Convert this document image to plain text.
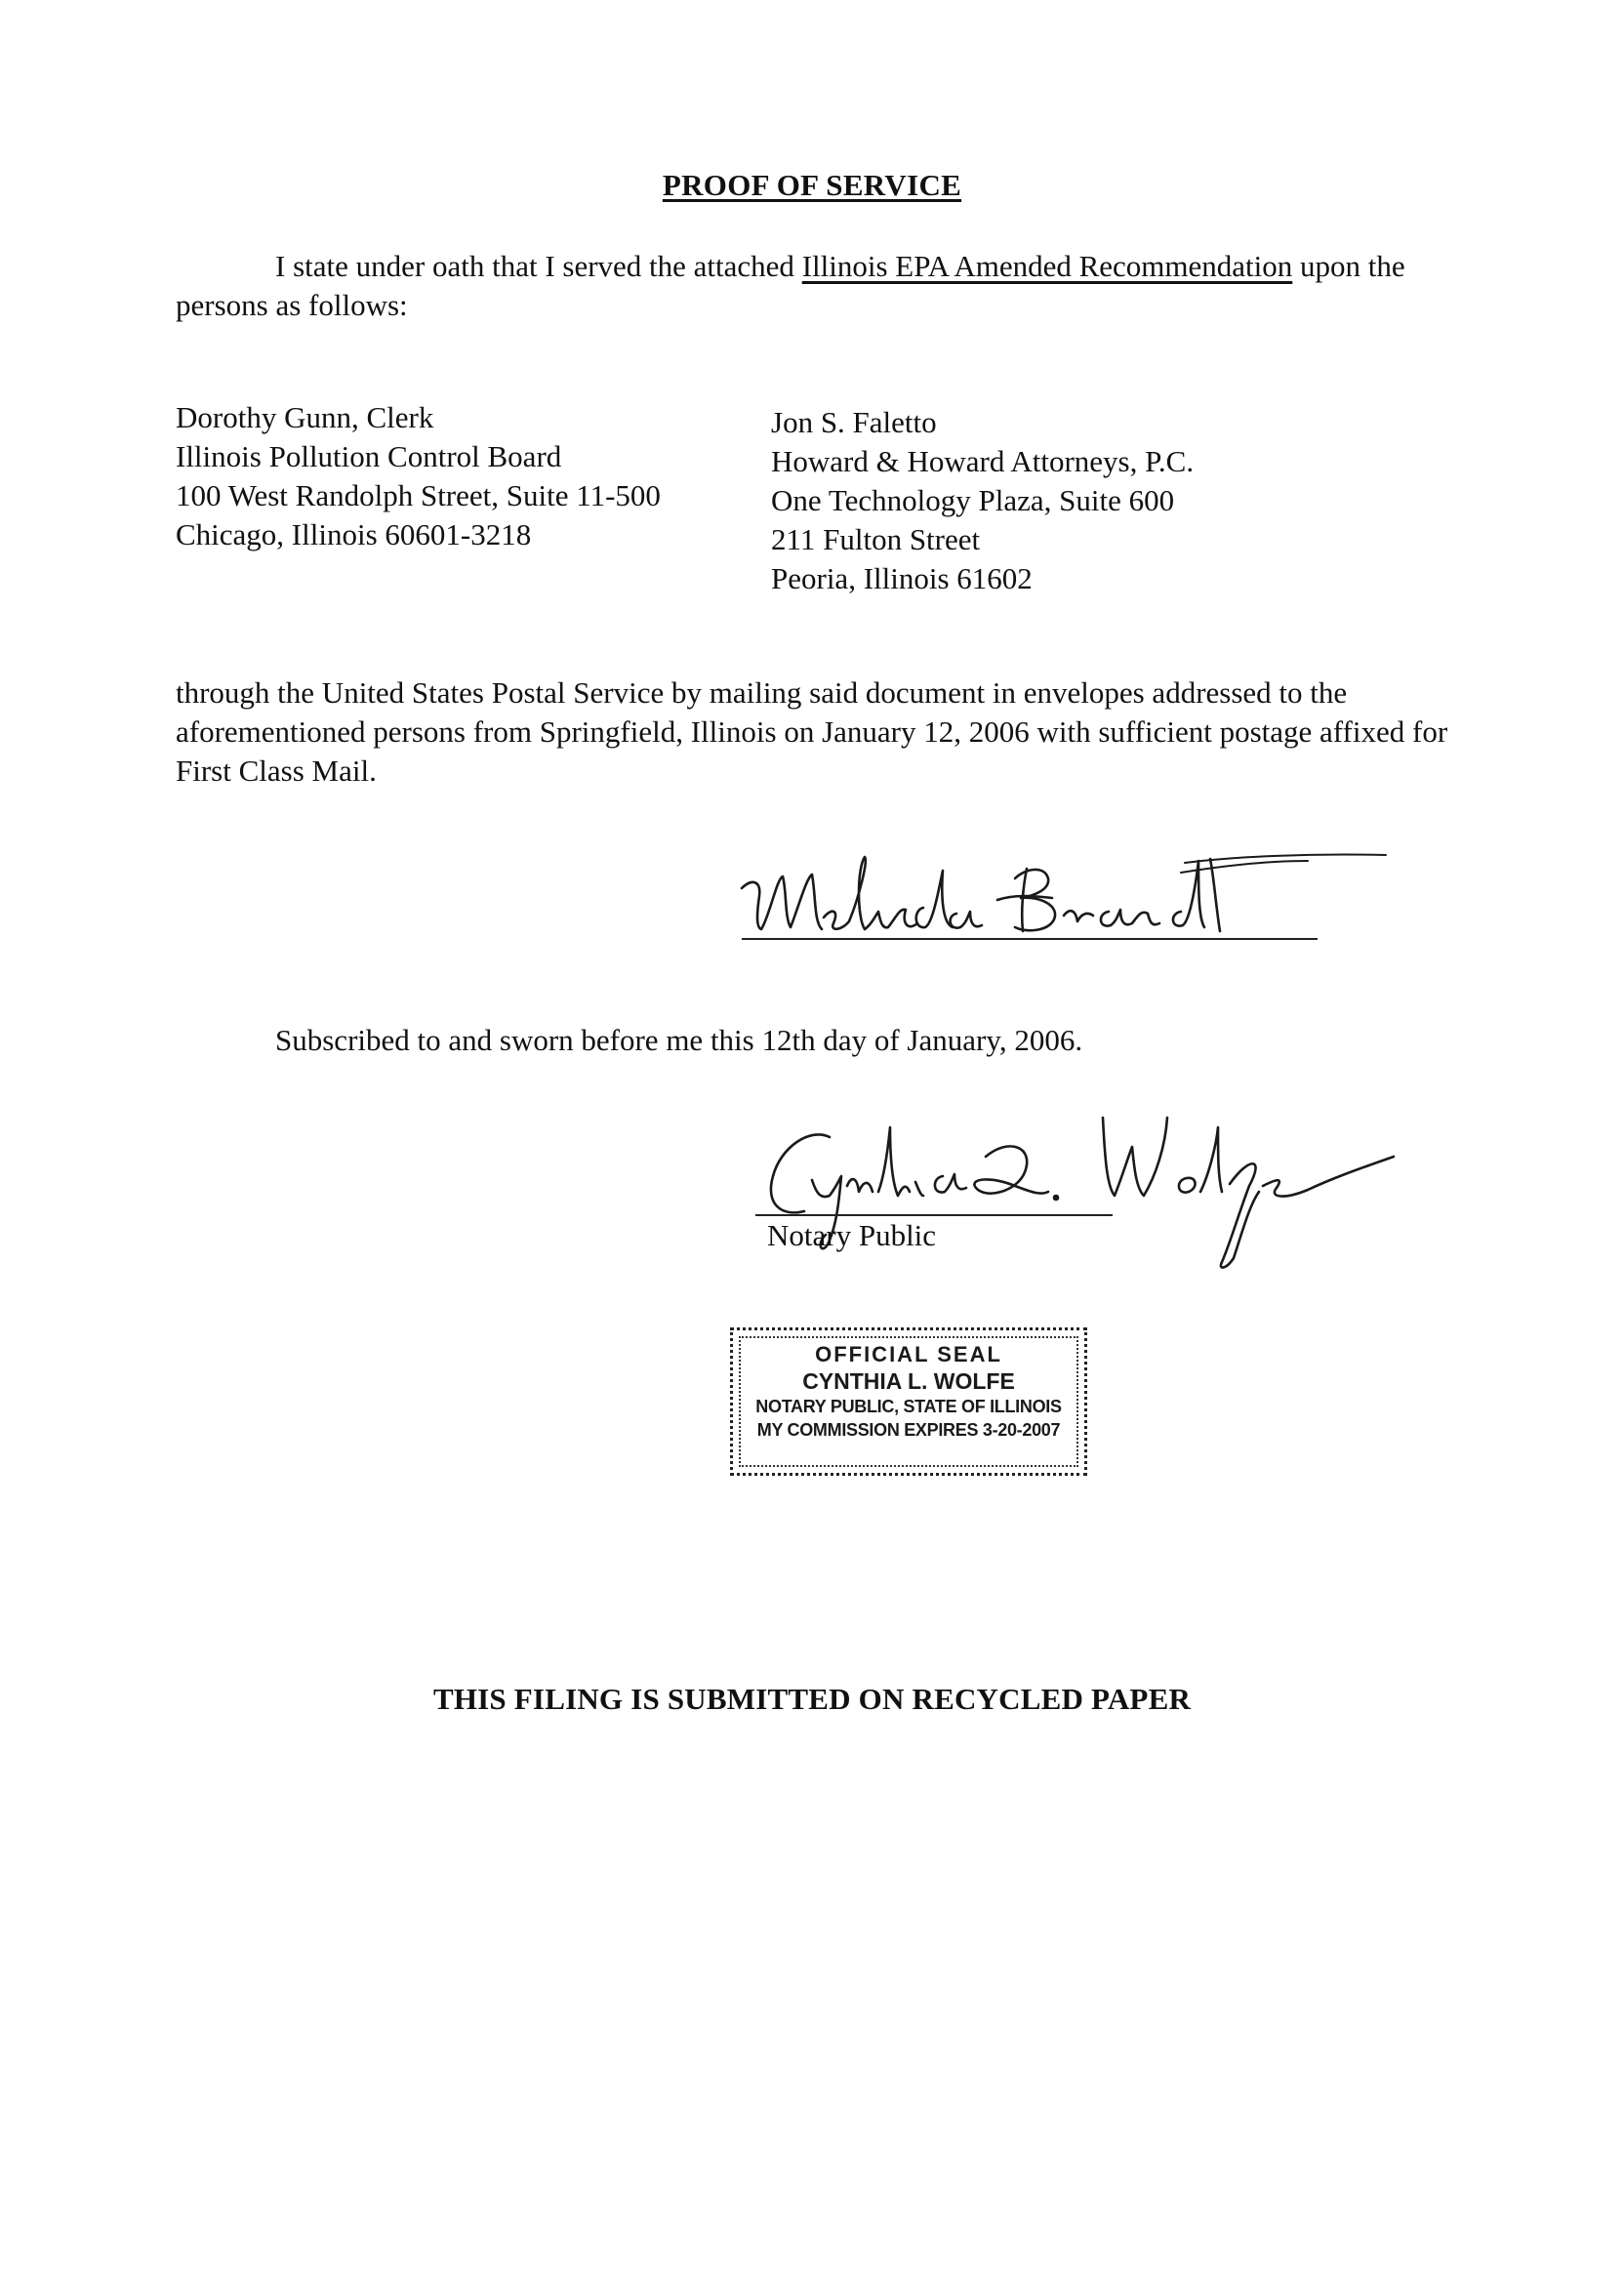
PROOF OF SERVICE
I state under oath that I served the attached Illinois EPA Amended Recommendation upon the persons as follows:
Dorothy Gunn, Clerk
Illinois Pollution Control Board
100 West Randolph Street, Suite 11-500
Chicago, Illinois 60601-3218
Jon S. Faletto
Howard & Howard Attorneys, P.C.
One Technology Plaza, Suite 600
211 Fulton Street
Peoria, Illinois 61602
through the United States Postal Service by mailing said document in envelopes addressed to the aforementioned persons from Springfield, Illinois on January 12, 2006 with sufficient postage affixed for First Class Mail.
Subscribed to and sworn before me this 12th day of January, 2006.
Notary Public
OFFICIAL SEAL
CYNTHIA L. WOLFE
NOTARY PUBLIC, STATE OF ILLINOIS
MY COMMISSION EXPIRES 3-20-2007
THIS FILING IS SUBMITTED ON RECYCLED PAPER
